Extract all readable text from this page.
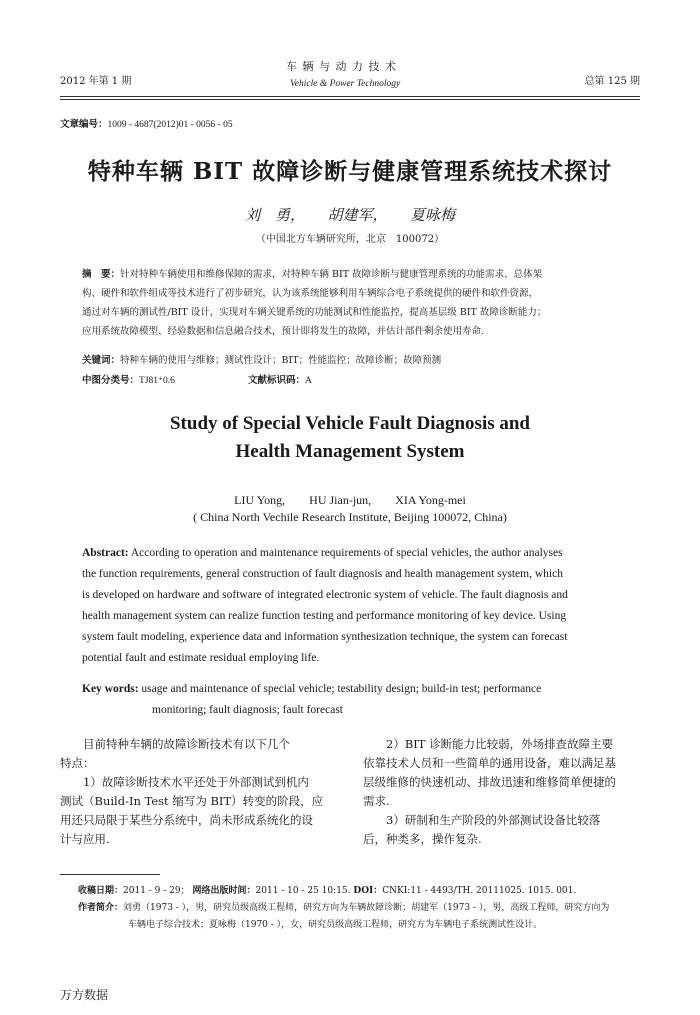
2012 年第 1 期
车 辆 与 动 力 技 术
Vehicle & Power Technology	总第 125 期
文章编号：1009 - 4687(2012)01 - 0056 - 05
特种车辆 BIT 故障诊断与健康管理系统技术探讨
刘　勇，　　胡建军，　　夏咏梅
（中国北方车辆研究所，北京　100072）
摘　要：针对特种车辆使用和维修保障的需求，对特种车辆 BIT 故障诊断与健康管理系统的功能需求、总体架
构、硬件和软件组成等技术进行了初步研究，认为该系统能够利用车辆综合电子系统提供的硬件和软件资源，
通过对车辆的测试性/BIT 设计，实现对车辆关键系统的功能测试和性能监控，提高基层级 BIT 故障诊断能力；
应用系统故障模型、经验数据和信息融合技术，预计即将发生的故障，并估计部件剩余使用寿命.
关键词：特种车辆的使用与维修；测试性设计；BIT；性能监控；故障诊断；故障预测
中图分类号：TJ81⁺0.6	文献标识码：A
Study of Special Vehicle Fault Diagnosis and
Health Management System
LIU Yong,　　HU Jian-jun,　　XIA Yong-mei
( China North Vechile Research Institute, Beijing 100072, China)
Abstract: According to operation and maintenance requirements of special vehicles, the author analyses
the function requirements, general construction of fault diagnosis and health management system, which
is developed on hardware and software of integrated electronic system of vehicle. The fault diagnosis and
health management system can realize function testing and performance monitoring of key device. Using
system fault modeling, experience data and information synthesization technique, the system can forecast
potential fault and estimate residual employing life.
Key words: usage and maintenance of special vehicle; testability design; build-in test; performance
monitoring; fault diagnosis; fault forecast
　　目前特种车辆的故障诊断技术有以下几个
特点：
　　1）故障诊断技术水平还处于外部测试到机内
测试（Build-In Test 缩写为 BIT）转变的阶段，应
用还只局限于某些分系统中，尚未形成系统化的设
计与应用.
　　2）BIT 诊断能力比较弱，外场排查故障主要
依靠技术人员和一些简单的通用设备，难以满足基
层级维修的快速机动、排故迅速和维修简单便捷的
需求.
　　3）研制和生产阶段的外部测试设备比较落
后，种类多，操作复杂.
收稿日期：2011 - 9 - 29； 网络出版时间：2011 - 10 - 25 10:15. DOI：CNKI:11 - 4493/TH. 20111025. 1015. 001.
作者简介：刘勇（1973 - ），男，研究员级高级工程师，研究方向为车辆故障诊断；胡建军（1973 - ），男，高级工程师，研究方向为
车辆电子综合技术；夏咏梅（1970 - ），女，研究员级高级工程师，研究方为车辆电子系统测试性设计。
万方数据
